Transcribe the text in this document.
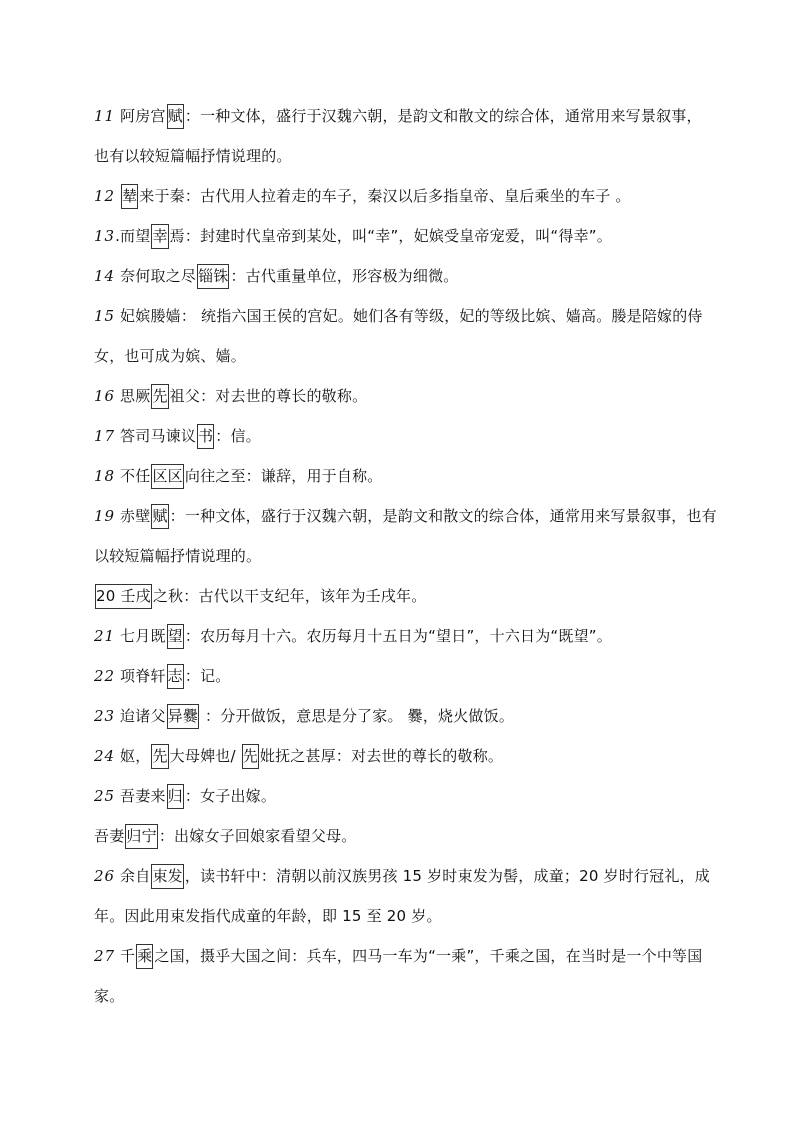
11 阿房宫 赋 ：一种文体，盛行于汉魏六朝，是韵文和散文的综合体，通常用来写景叙事，也有以较短篇幅抒情说理的。

12 辇 来于秦：古代用人拉着走的车子，秦汉以后多指皇帝、皇后乘坐的车子 。

13.而望 幸 焉：封建时代皇帝到某处，叫“幸”，妃嫔受皇帝宠爱，叫“得幸”。

14 奈何取之尽 锱铢 ：古代重量单位，形容极为细微。

15 妃嫔媵嫱： 统指六国王侯的宫妃。她们各有等级，妃的等级比嫔、嫱高。媵是陪嫁的侍女，也可成为嫔、嫱。

16 思厥 先 祖父：对去世的尊长的敬称。

17 答司马谏议 书 ：信。

18 不任 区区 向往之至：谦辞，用于自称。

19 赤壁 赋 ：一种文体，盛行于汉魏六朝，是韵文和散文的综合体，通常用来写景叙事，也有以较短篇幅抒情说理的。

20 壬戌 之秋：古代以干支纪年，该年为壬戌年。

21 七月既 望 ：农历每月十六。农历每月十五日为“望日”，十六日为“既望”。

22 项脊轩 志 ：记。

23 迨诸父 异爨 ：分开做饭，意思是分了家。 爨，烧火做饭。

24 妪， 先 大母婢也/ 先 妣抚之甚厚：对去世的尊长的敬称。

25 吾妻来 归 ：女子出嫁。

吾妻 归宁 ：出嫁女子回娘家看望父母。

26 余自 束发 ，读书轩中：清朝以前汉族男孩 15 岁时束发为髻，成童；20 岁时行冠礼，成年。因此用束发指代成童的年龄，即 15 至 20 岁。

27 千 乘 之国，摄乎大国之间：兵车，四马一车为“一乘”，千乘之国，在当时是一个中等国家。
